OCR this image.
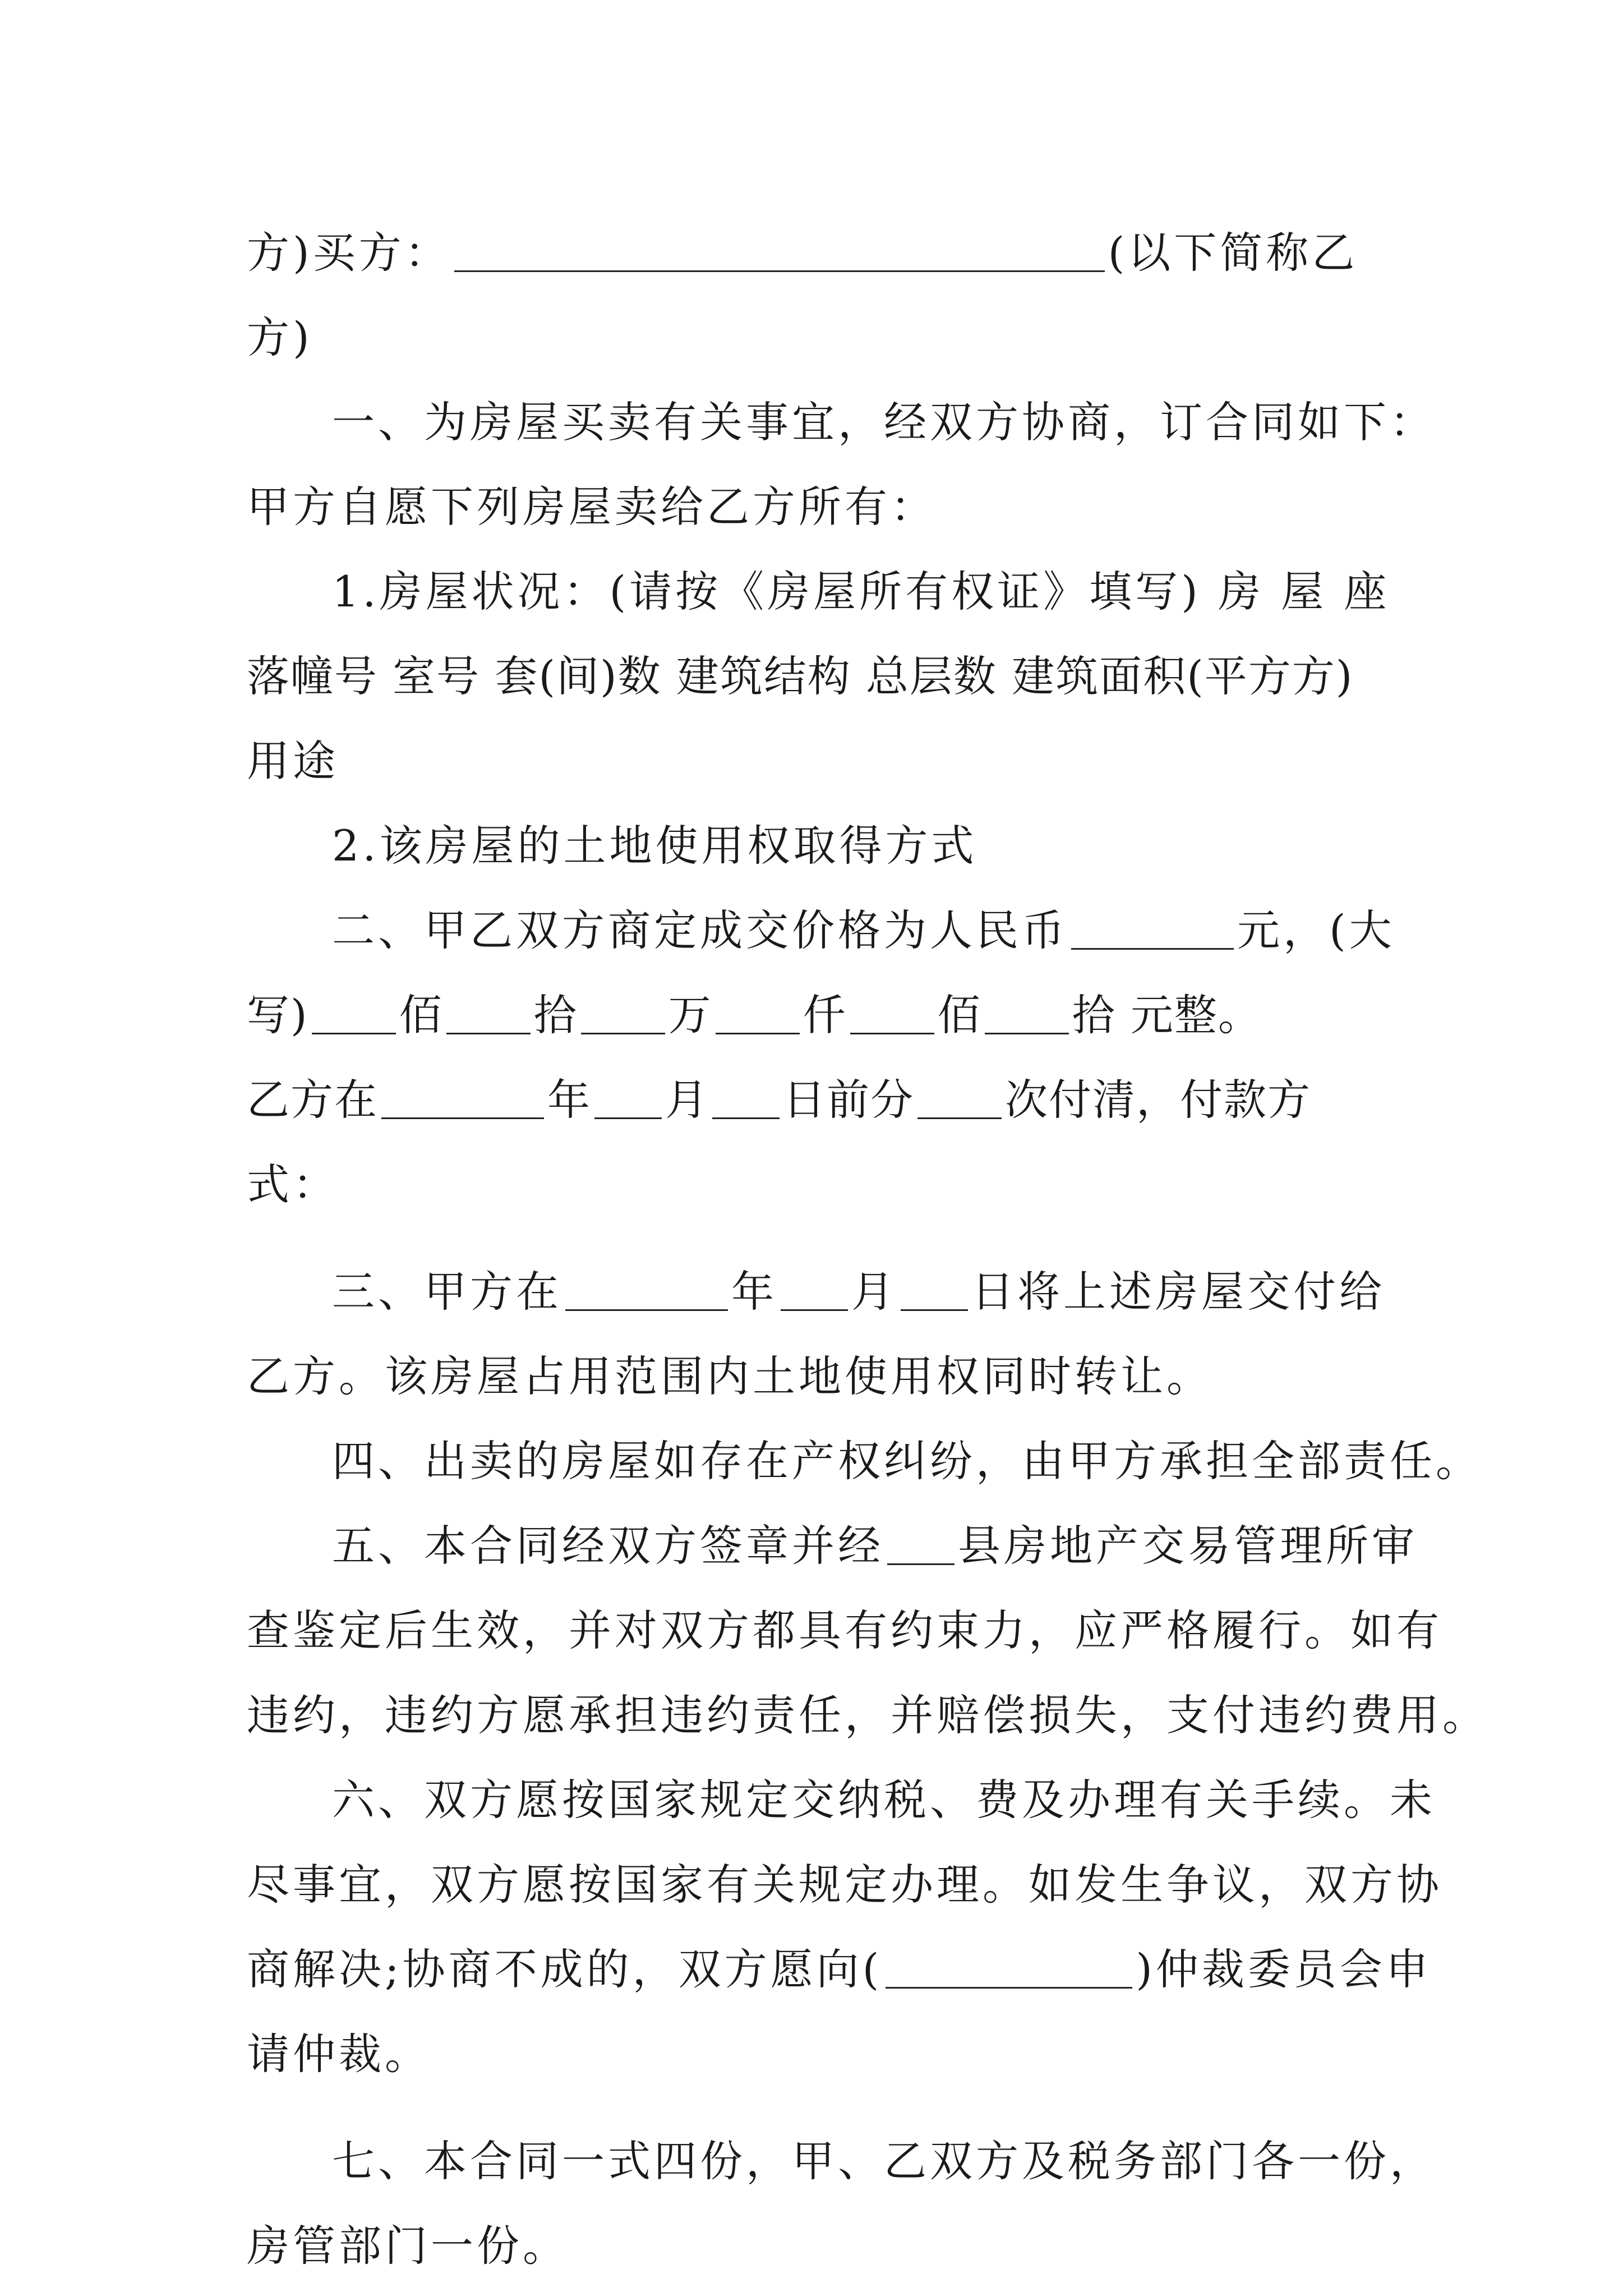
方)买方：	(以下简称乙
方)
一、为房屋买卖有关事宜，经双方协商，订合同如下：
甲方自愿下列房屋卖给乙方所有：
1.房屋状况：(请按《房屋所有权证》填写) 房 屋 座
落幢号 室号 套(间)数 建筑结构 总层数 建筑面积(平方方)
用途
2.该房屋的土地使用权取得方式
二、甲乙双方商定成交价格为人民币	元，(大
写) 佰 拾 万 仟 佰 拾 元整。
乙方在	年 月 日前分 次付清，付款方
式：
三、甲方在	年 月 日将上述房屋交付给
乙方。该房屋占用范围内土地使用权同时转让。
四、出卖的房屋如存在产权纠纷，由甲方承担全部责任。
五、本合同经双方签章并经 县房地产交易管理所审
查鉴定后生效，并对双方都具有约束力，应严格履行。如有
违约，违约方愿承担违约责任，并赔偿损失，支付违约费用。
六、双方愿按国家规定交纳税、费及办理有关手续。未
尽事宜，双方愿按国家有关规定办理。如发生争议，双方协
商解决;协商不成的，双方愿向(	)仲裁委员会申
请仲裁。
七、本合同一式四份，甲、乙双方及税务部门各一份，
房管部门一份。
